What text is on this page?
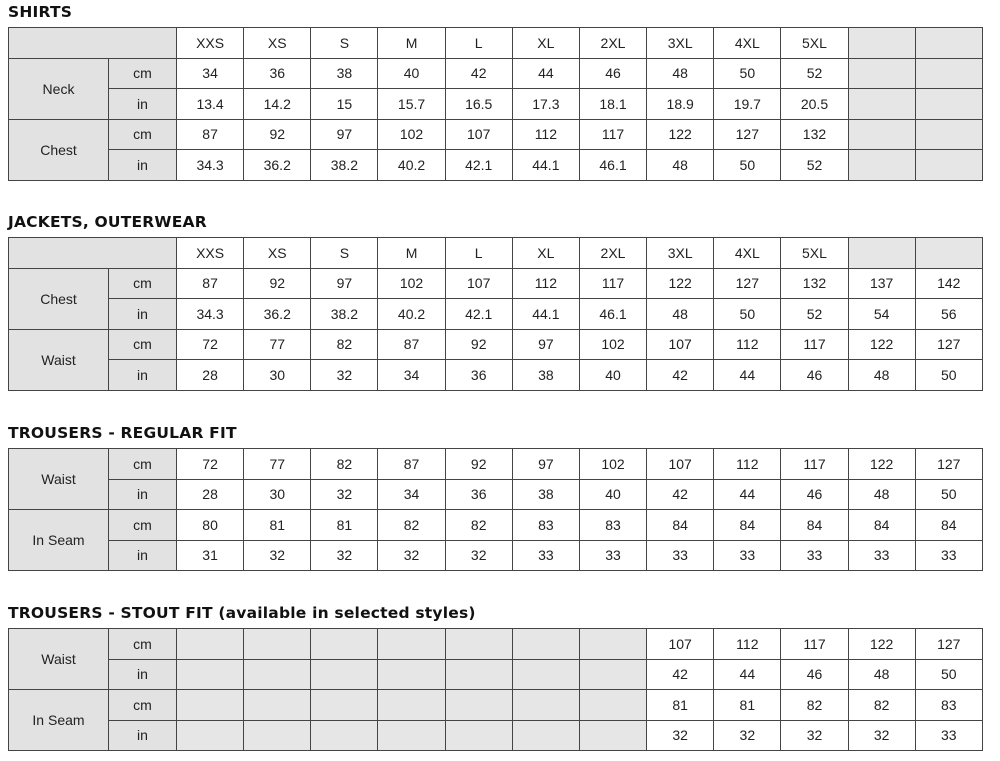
SHIRTS
		XXS	XS	S	M	L	XL	2XL	3XL	4XL	5XL		
Neck	cm	34	36	38	40	42	44	46	48	50	52		
	in	13.4	14.2	15	15.7	16.5	17.3	18.1	18.9	19.7	20.5		
Chest	cm	87	92	97	102	107	112	117	122	127	132		
	in	34.3	36.2	38.2	40.2	42.1	44.1	46.1	48	50	52		
JACKETS, OUTERWEAR
		XXS	XS	S	M	L	XL	2XL	3XL	4XL	5XL		
Chest	cm	87	92	97	102	107	112	117	122	127	132	137	142
	in	34.3	36.2	38.2	40.2	42.1	44.1	46.1	48	50	52	54	56
Waist	cm	72	77	82	87	92	97	102	107	112	117	122	127
	in	28	30	32	34	36	38	40	42	44	46	48	50
TROUSERS - REGULAR FIT
Waist	cm	72	77	82	87	92	97	102	107	112	117	122	127
	in	28	30	32	34	36	38	40	42	44	46	48	50
In Seam	cm	80	81	81	82	82	83	83	84	84	84	84	84
	in	31	32	32	32	32	33	33	33	33	33	33	33
TROUSERS - STOUT FIT (available in selected styles)
Waist	cm								107	112	117	122	127
	in								42	44	46	48	50
In Seam	cm								81	81	82	82	83
	in								32	32	32	32	33
